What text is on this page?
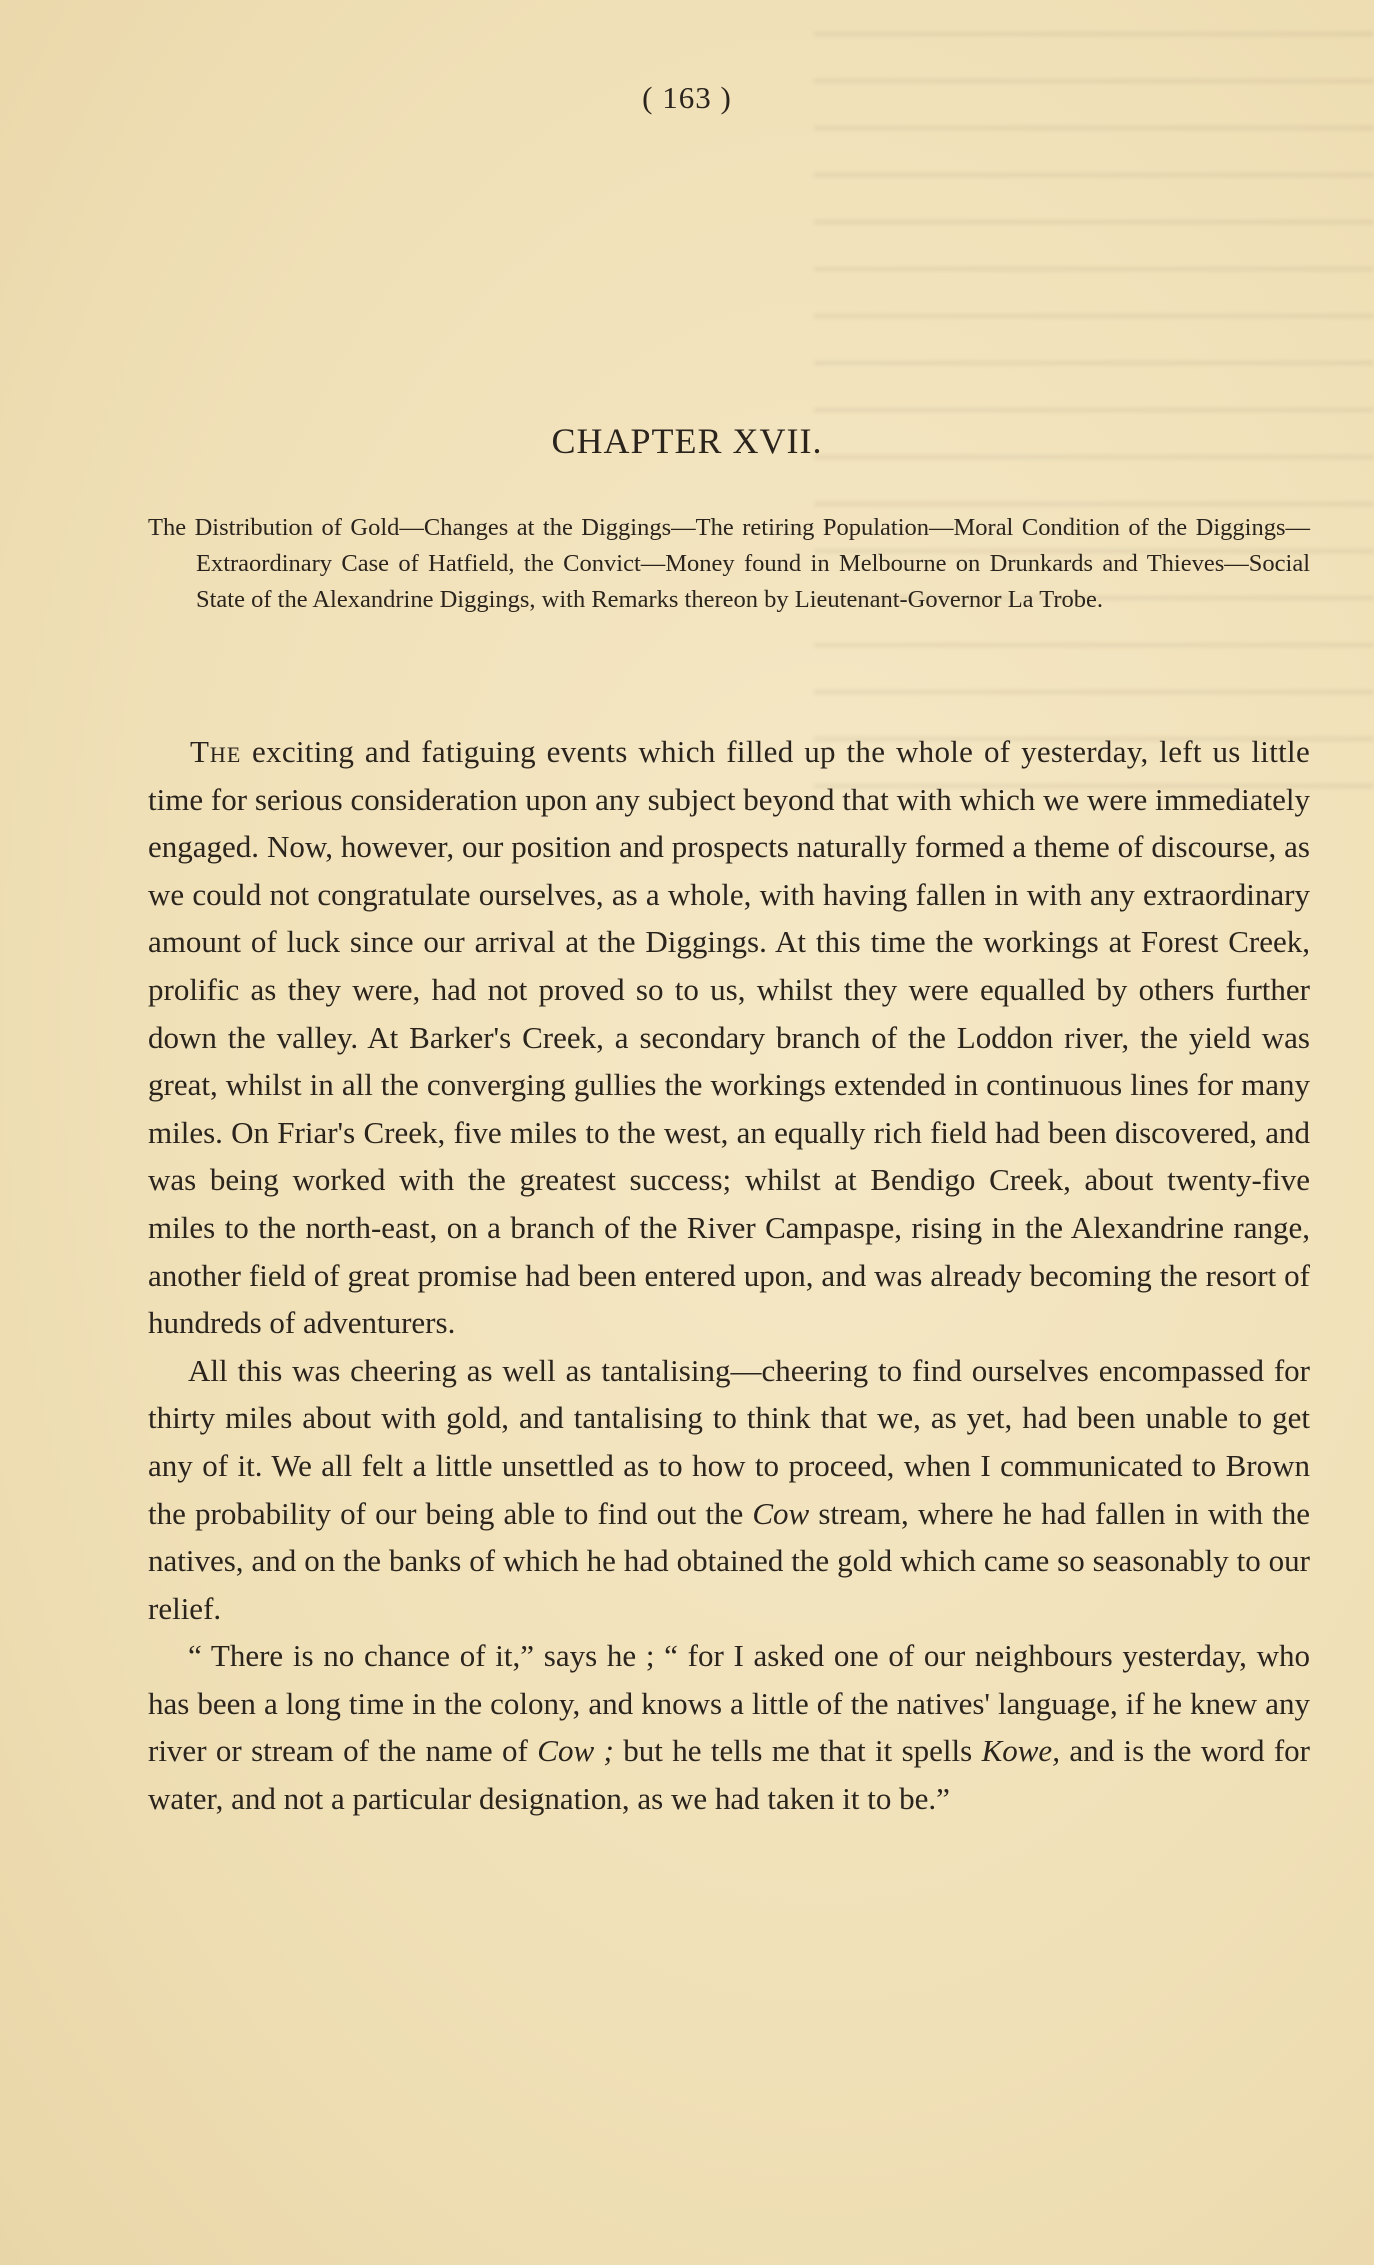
( 163 )
CHAPTER XVII.
The Distribution of Gold—Changes at the Diggings—The retiring Population—Moral Condition of the Diggings—Extraordinary Case of Hatfield, the Convict—Money found in Melbourne on Drunkards and Thieves—Social State of the Alexandrine Diggings, with Remarks thereon by Lieutenant-Governor La Trobe.

The exciting and fatiguing events which filled up the whole of yesterday, left us little time for serious consideration upon any subject beyond that with which we were immediately engaged. Now, however, our position and prospects naturally formed a theme of discourse, as we could not congratulate ourselves, as a whole, with having fallen in with any extraordinary amount of luck since our arrival at the Diggings. At this time the workings at Forest Creek, prolific as they were, had not proved so to us, whilst they were equalled by others further down the valley. At Barker's Creek, a secondary branch of the Loddon river, the yield was great, whilst in all the converging gullies the workings extended in continuous lines for many miles. On Friar's Creek, five miles to the west, an equally rich field had been discovered, and was being worked with the greatest success; whilst at Bendigo Creek, about twenty-five miles to the north-east, on a branch of the River Campaspe, rising in the Alexandrine range, another field of great promise had been entered upon, and was already becoming the resort of hundreds of adventurers.

All this was cheering as well as tantalising—cheering to find ourselves encompassed for thirty miles about with gold, and tantalising to think that we, as yet, had been unable to get any of it. We all felt a little unsettled as to how to proceed, when I communicated to Brown the probability of our being able to find out the Cow stream, where he had fallen in with the natives, and on the banks of which he had obtained the gold which came so seasonably to our relief.

“ There is no chance of it,” says he ; “ for I asked one of our neighbours yesterday, who has been a long time in the colony, and knows a little of the natives' language, if he knew any river or stream of the name of Cow ; but he tells me that it spells Kowe, and is the word for water, and not a particular designation, as we had taken it to be.”
